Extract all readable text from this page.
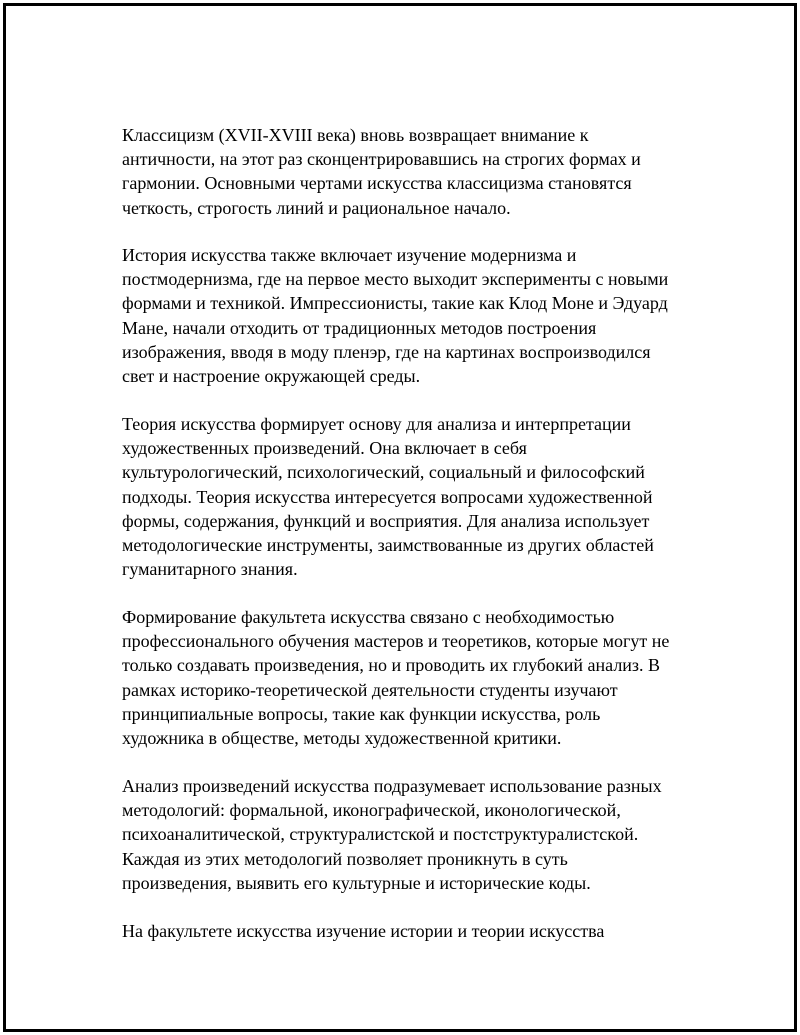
Классицизм (XVII-XVIII века) вновь возвращает внимание к
античности, на этот раз сконцентрировавшись на строгих формах и
гармонии. Основными чертами искусства классицизма становятся
четкость, строгость линий и рациональное начало.

История искусства также включает изучение модернизма и
постмодернизма, где на первое место выходит эксперименты с новыми
формами и техникой. Импрессионисты, такие как Клод Моне и Эдуард
Мане, начали отходить от традиционных методов построения
изображения, вводя в моду пленэр, где на картинах воспроизводился
свет и настроение окружающей среды.

Теория искусства формирует основу для анализа и интерпретации
художественных произведений. Она включает в себя
культурологический, психологический, социальный и философский
подходы. Теория искусства интересуется вопросами художественной
формы, содержания, функций и восприятия. Для анализа использует
методологические инструменты, заимствованные из других областей
гуманитарного знания.

Формирование факультета искусства связано с необходимостью
профессионального обучения мастеров и теоретиков, которые могут не
только создавать произведения, но и проводить их глубокий анализ. В
рамках историко-теоретической деятельности студенты изучают
принципиальные вопросы, такие как функции искусства, роль
художника в обществе, методы художественной критики.

Анализ произведений искусства подразумевает использование разных
методологий: формальной, иконографической, иконологической,
психоаналитической, структуралистской и постструктуралистской.
Каждая из этих методологий позволяет проникнуть в суть
произведения, выявить его культурные и исторические коды.

На факультете искусства изучение истории и теории искусства
